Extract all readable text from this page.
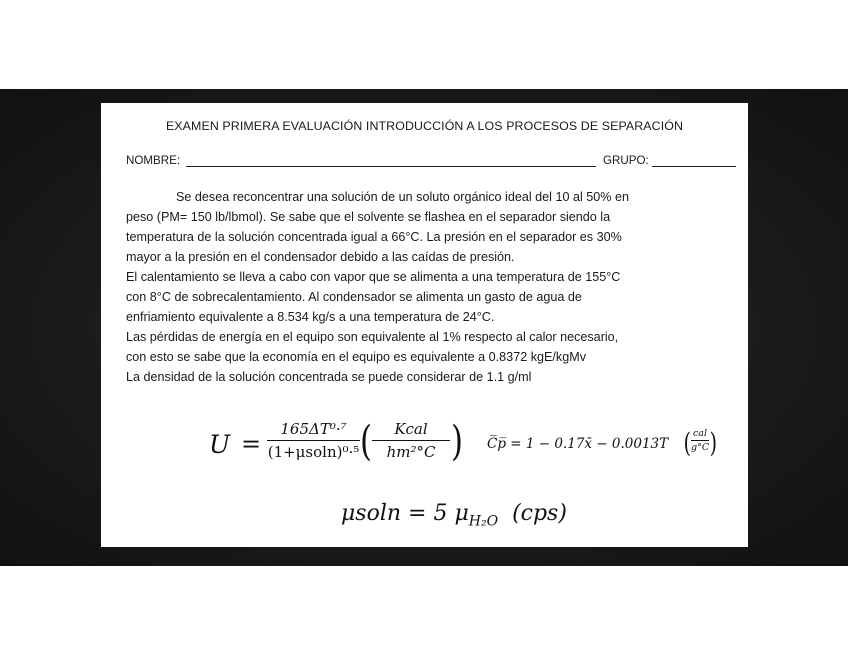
EXAMEN PRIMERA EVALUACIÓN INTRODUCCIÓN A LOS PROCESOS DE SEPARACIÓN
NOMBRE:	GRUPO:

Se desea reconcentrar una solución de un soluto orgánico ideal del 10 al 50% en

peso (PM= 150 lb/lbmol). Se sabe que el solvente se flashea en el separador siendo la

temperatura de la solución concentrada igual a 66°C. La presión en el separador es 30%

mayor a la presión en el condensador debido a las caídas de presión.

El calentamiento se lleva a cabo con vapor que se alimenta a una temperatura de 155°C

con 8°C de sobrecalentamiento. Al condensador se alimenta un gasto de agua de

enfriamiento equivalente a 8.534 kg/s a una temperatura de 24°C.

Las pérdidas de energía en el equipo son equivalente al 1% respecto al calor necesario,

con esto se sabe que la economía en el equipo es equivalente a 0.8372 kgE/kgMv

La densidad de la solución concentrada se puede considerar de 1.1 g/ml

U =
165ΔT⁰·⁷
(1+μsoln)⁰·⁵ (	Kcal
hm²°C ) C̅p̅ = 1 − 0.17x̄ − 0.0013T ( cal
g°C )
μsoln = 5 $\mu_{H_2O}$ (cps)
